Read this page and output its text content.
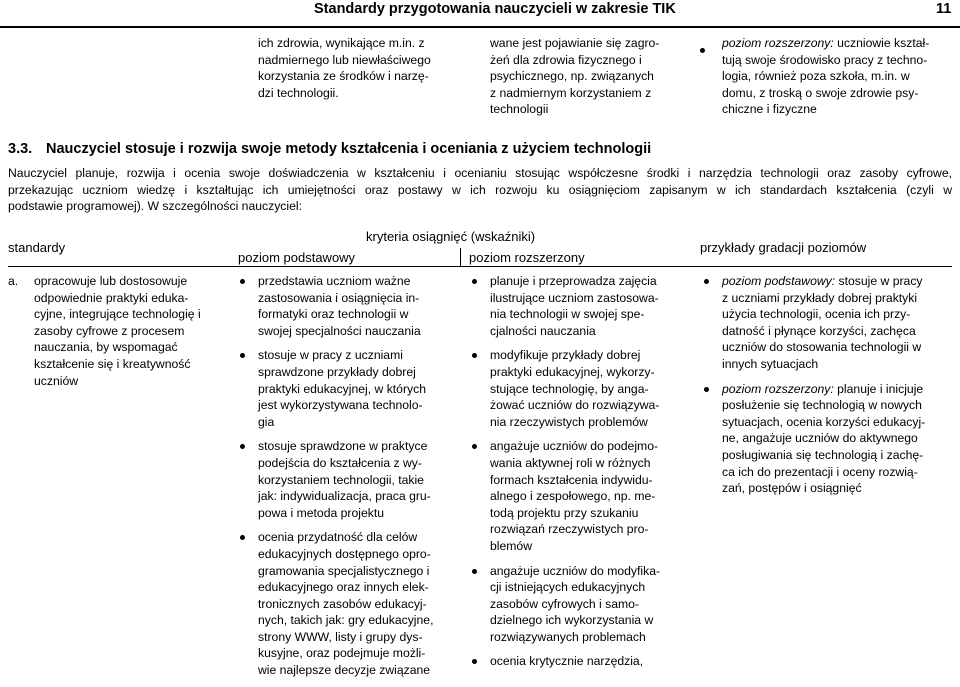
Standardy przygotowania nauczycieli w zakresie TIK	11
ich zdrowia, wynikające m.in. z
nadmiernego lub niewłaściwego
korzystania ze środków i narzę-
dzi technologii.
wane jest pojawianie się zagro-
żeń dla zdrowia fizycznego i
psychicznego, np. związanych
z nadmiernym korzystaniem z
technologii
poziom rozszerzony: uczniowie kształ-
tują swoje środowisko pracy z techno-
logia, również poza szkoła, m.in. w
domu, z troską o swoje zdrowie psy-
chiczne i fizyczne
3.3. Nauczyciel stosuje i rozwija swoje metody kształcenia i oceniania z użyciem technologii
Nauczyciel planuje, rozwija i ocenia swoje doświadczenia w kształceniu i ocenianiu stosując współczesne środki i narzędzia technologii oraz zasoby cyfrowe,
przekazując uczniom wiedzę i kształtując ich umiejętności oraz postawy w ich rozwoju ku osiągnięciom zapisanym w ich standardach kształcenia (czyli w
podstawie programowej). W szczególności nauczyciel:
standardy
kryteria osiągnięć (wskaźniki)
poziom podstawowy	poziom rozszerzony
przykłady gradacji poziomów
a. opracowuje lub dostosowuje
odpowiednie praktyki eduka-
cyjne, integrujące technologię i
zasoby cyfrowe z procesem
nauczania, by wspomagać
kształcenie się i kreatywność
uczniów
przedstawia uczniom ważne
zastosowania i osiągnięcia in-
formatyki oraz technologii w
swojej specjalności nauczania
stosuje w pracy z uczniami
sprawdzone przykłady dobrej
praktyki edukacyjnej, w których
jest wykorzystywana technolo-
gia
stosuje sprawdzone w praktyce
podejścia do kształcenia z wy-
korzystaniem technologii, takie
jak: indywidualizacja, praca gru-
powa i metoda projektu
ocenia przydatność dla celów
edukacyjnych dostępnego opro-
gramowania specjalistycznego i
edukacyjnego oraz innych elek-
tronicznych zasobów edukacyj-
nych, takich jak: gry edukacyjne,
strony WWW, listy i grupy dys-
kusyjne, oraz podejmuje możli-
wie najlepsze decyzje związane
planuje i przeprowadza zajęcia
ilustrujące uczniom zastosowa-
nia technologii w swojej spe-
cjalności nauczania
modyfikuje przykłady dobrej
praktyki edukacyjnej, wykorzy-
stujące technologię, by anga-
żować uczniów do rozwiązywa-
nia rzeczywistych problemów
angażuje uczniów do podejmo-
wania aktywnej roli w różnych
formach kształcenia indywidu-
alnego i zespołowego, np. me-
todą projektu przy szukaniu
rozwiązań rzeczywistych pro-
blemów
angażuje uczniów do modyfika-
cji istniejących edukacyjnych
zasobów cyfrowych i samo-
dzielnego ich wykorzystania w
rozwiązywanych problemach
ocenia krytycznie narzędzia,
poziom podstawowy: stosuje w pracy
z uczniami przykłady dobrej praktyki
użycia technologii, ocenia ich przy-
datność i płynące korzyści, zachęca
uczniów do stosowania technologii w
innych sytuacjach
poziom rozszerzony: planuje i inicjuje
posłużenie się technologią w nowych
sytuacjach, ocenia korzyści edukacyj-
ne, angażuje uczniów do aktywnego
posługiwania się technologią i zachę-
ca ich do prezentacji i oceny rozwią-
zań, postępów i osiągnięć
